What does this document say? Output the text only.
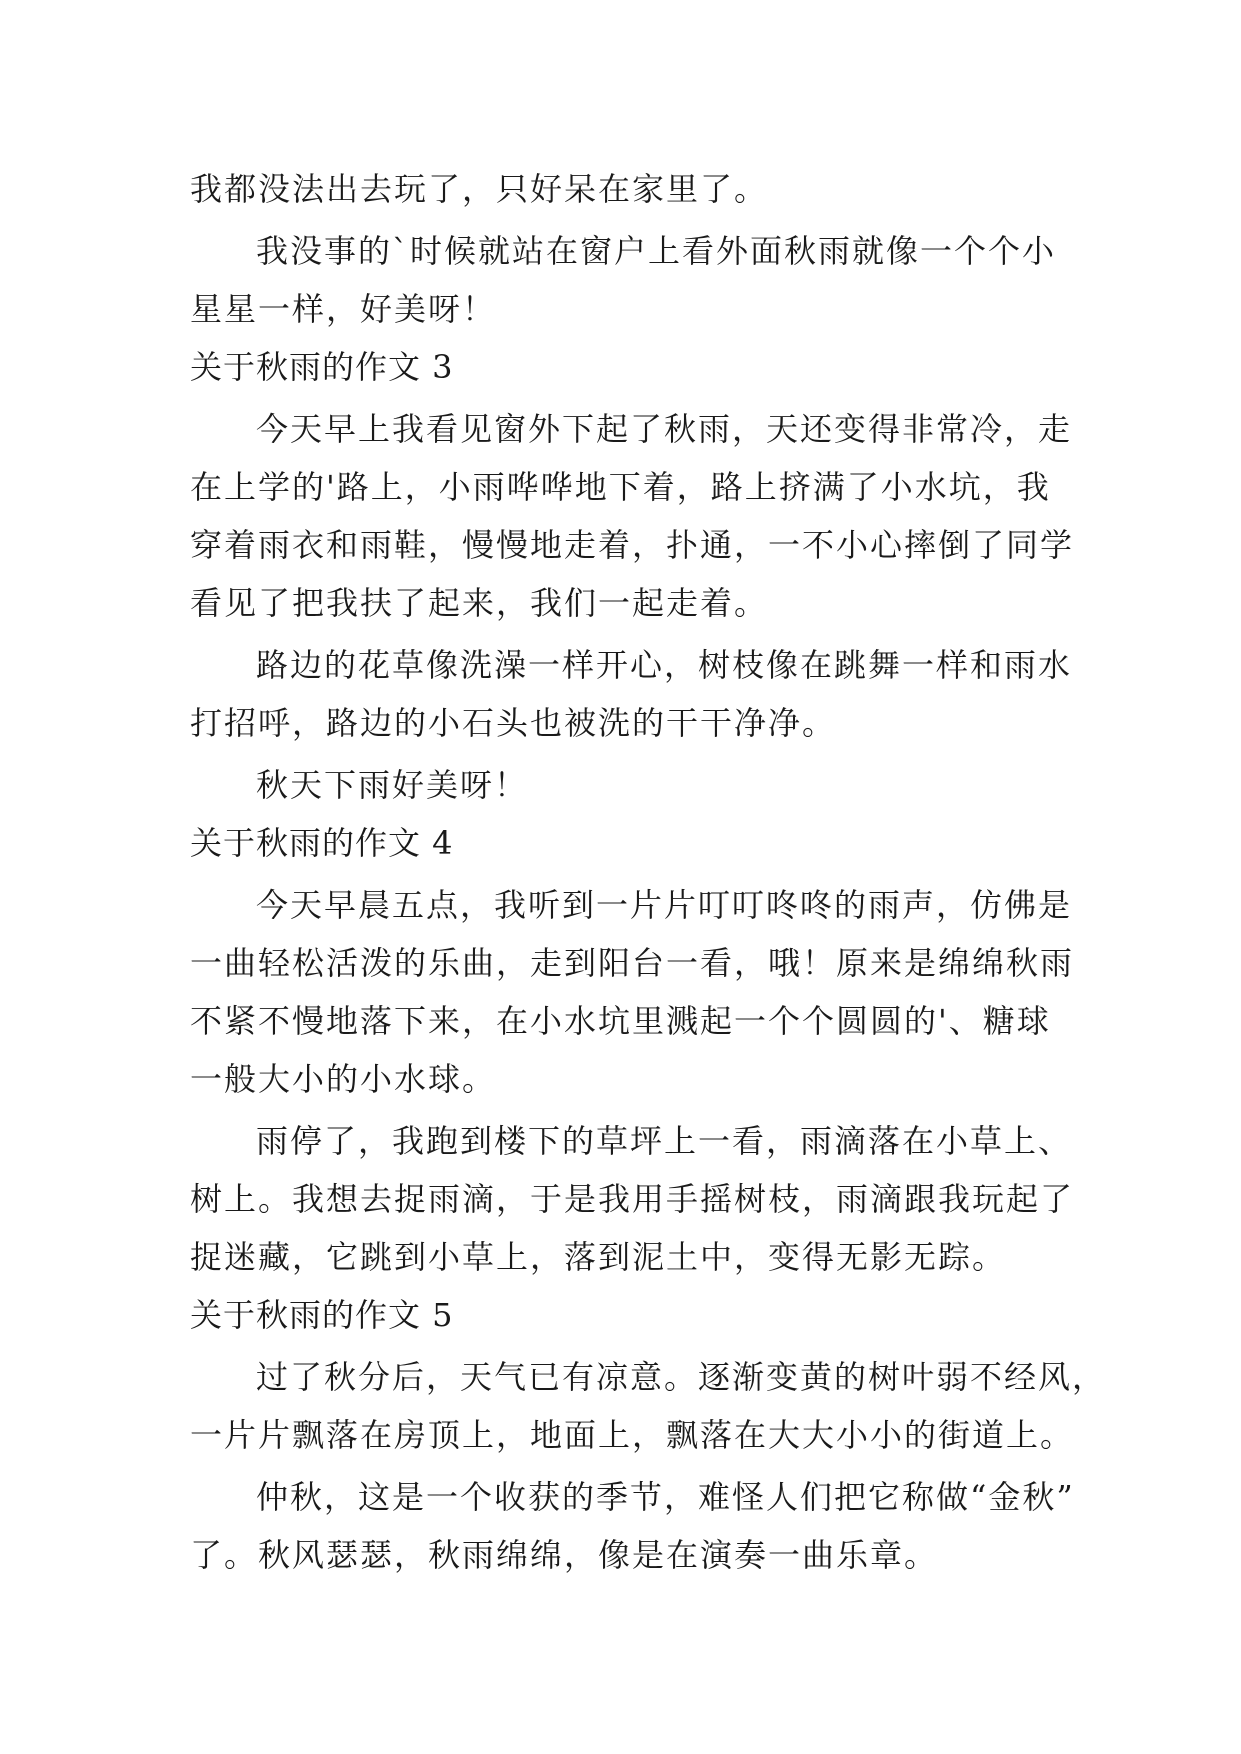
我都没法出去玩了，只好呆在家里了。
我没事的`时候就站在窗户上看外面秋雨就像一个个小
星星一样，好美呀！
关于秋雨的作文 3
今天早上我看见窗外下起了秋雨，天还变得非常冷，走
在上学的'路上，小雨哗哗地下着，路上挤满了小水坑，我
穿着雨衣和雨鞋，慢慢地走着，扑通，一不小心摔倒了同学
看见了把我扶了起来，我们一起走着。
路边的花草像洗澡一样开心，树枝像在跳舞一样和雨水
打招呼，路边的小石头也被洗的干干净净。
秋天下雨好美呀！
关于秋雨的作文 4
今天早晨五点，我听到一片片叮叮咚咚的雨声，仿佛是
一曲轻松活泼的乐曲，走到阳台一看，哦！原来是绵绵秋雨
不紧不慢地落下来，在小水坑里溅起一个个圆圆的'、糖球
一般大小的小水球。
雨停了，我跑到楼下的草坪上一看，雨滴落在小草上、
树上。我想去捉雨滴，于是我用手摇树枝，雨滴跟我玩起了
捉迷藏，它跳到小草上，落到泥土中，变得无影无踪。
关于秋雨的作文 5
过了秋分后，天气已有凉意。逐渐变黄的树叶弱不经风，
一片片飘落在房顶上，地面上，飘落在大大小小的街道上。
仲秋，这是一个收获的季节，难怪人们把它称做“金秋”
了。秋风瑟瑟，秋雨绵绵，像是在演奏一曲乐章。
